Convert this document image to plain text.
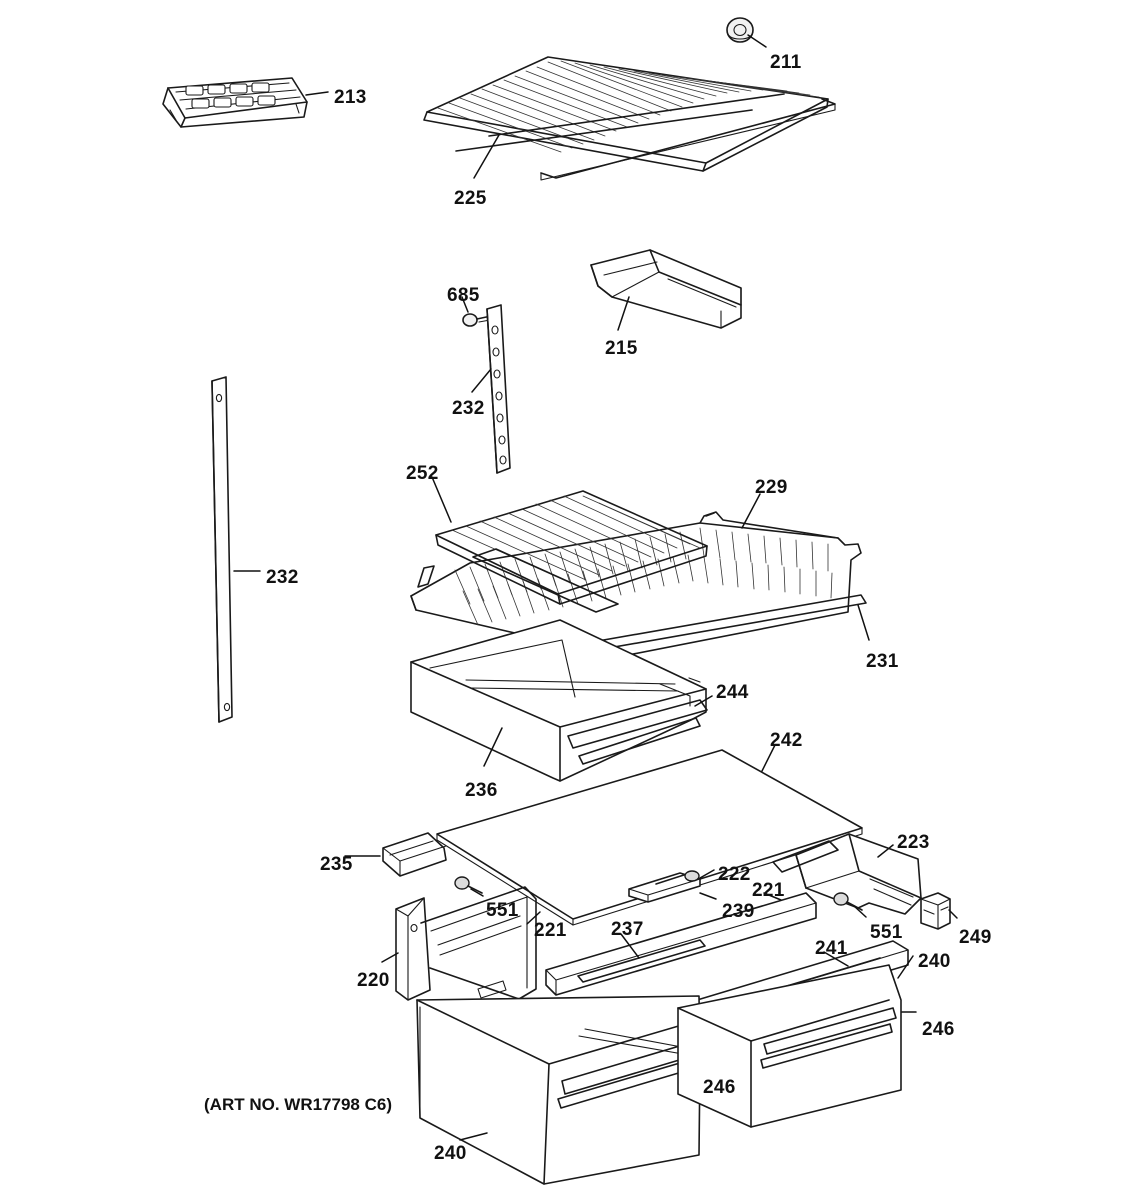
211
213
225
685
215
232
252
229
232
231
244
236
242
235
223
222
221
239
551
221 237	551	249
241
240
220
246
246
240
(ART NO. WR17798 C6)
